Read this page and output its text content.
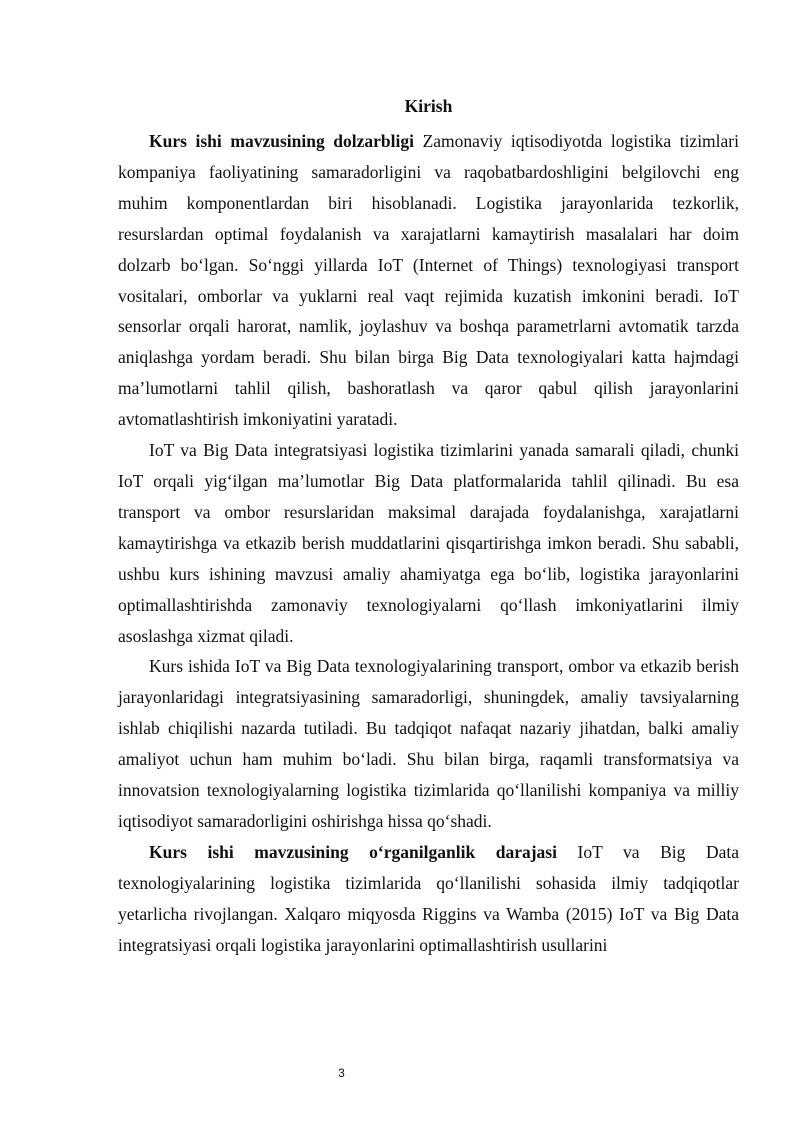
Kirish

Kurs ishi mavzusining dolzarbligi Zamonaviy iqtisodiyotda logistika tizimlari kompaniya faoliyatining samaradorligini va raqobatbardoshligini belgilovchi eng muhim komponentlardan biri hisoblanadi. Logistika jarayonlarida tezkorlik, resurslardan optimal foydalanish va xarajatlarni kamaytirish masalalari har doim dolzarb bo‘lgan. So‘nggi yillarda IoT (Internet of Things) texnologiyasi transport vositalari, omborlar va yuklarni real vaqt rejimida kuzatish imkonini beradi. IoT sensorlar orqali harorat, namlik, joylashuv va boshqa parametrlarni avtomatik tarzda aniqlashga yordam beradi. Shu bilan birga Big Data texnologiyalari katta hajmdagi ma’lumotlarni tahlil qilish, bashoratlash va qaror qabul qilish jarayonlarini avtomatlashtirish imkoniyatini yaratadi.

IoT va Big Data integratsiyasi logistika tizimlarini yanada samarali qiladi, chunki IoT orqali yig‘ilgan ma’lumotlar Big Data platformalarida tahlil qilinadi. Bu esa transport va ombor resurslaridan maksimal darajada foydalanishga, xarajatlarni kamaytirishga va etkazib berish muddatlarini qisqartirishga imkon beradi. Shu sababli, ushbu kurs ishining mavzusi amaliy ahamiyatga ega bo‘lib, logistika jarayonlarini optimallashtirishda zamonaviy texnologiyalarni qo‘llash imkoniyatlarini ilmiy asoslashga xizmat qiladi.

Kurs ishida IoT va Big Data texnologiyalarining transport, ombor va etkazib berish jarayonlaridagi integratsiyasining samaradorligi, shuningdek, amaliy tavsiyalarning ishlab chiqilishi nazarda tutiladi. Bu tadqiqot nafaqat nazariy jihatdan, balki amaliy amaliyot uchun ham muhim bo‘ladi. Shu bilan birga, raqamli transformatsiya va innovatsion texnologiyalarning logistika tizimlarida qo‘llanilishi kompaniya va milliy iqtisodiyot samaradorligini oshirishga hissa qo‘shadi.

Kurs ishi mavzusining o‘rganilganlik darajasi IoT va Big Data texnologiyalarining logistika tizimlarida qo‘llanilishi sohasida ilmiy tadqiqotlar yetarlicha rivojlangan. Xalqaro miqyosda Riggins va Wamba (2015) IoT va Big Data integratsiyasi orqali logistika jarayonlarini optimallashtirish usullarini

3
